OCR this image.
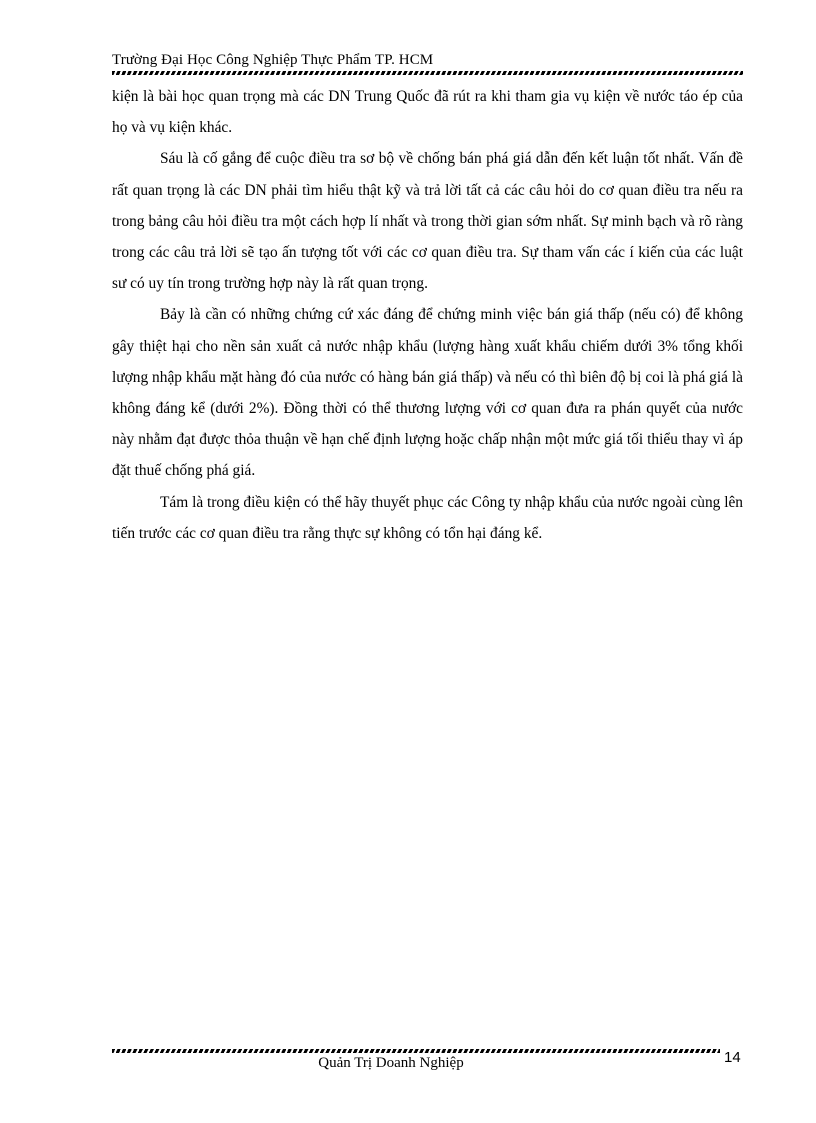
Trường Đại Học Công Nghiệp Thực Phẩm TP. HCM

kiện là bài học quan trọng mà các DN Trung Quốc đã rút ra khi tham gia vụ kiện về nước táo ép của họ và vụ kiện khác.

Sáu là cố gắng để cuộc điều tra sơ bộ về chống bán phá giá dẫn đến kết luận tốt nhất. Vấn đề rất quan trọng là các DN phải tìm hiểu thật kỹ và trả lời tất cả các câu hỏi do cơ quan điều tra nếu ra trong bảng câu hỏi điều tra một cách hợp lí nhất và trong thời gian sớm nhất. Sự minh bạch và rõ ràng trong các câu trả lời sẽ tạo ấn tượng tốt với các cơ quan điều tra. Sự tham vấn các í kiến của các luật sư có uy tín trong trường hợp này là rất quan trọng.

Bảy là cần có những chứng cứ xác đáng để chứng minh việc bán giá thấp (nếu có) để không gây thiệt hại cho nền sản xuất cả nước nhập khẩu (lượng hàng xuất khẩu chiếm dưới 3% tổng khối lượng nhập khẩu mặt hàng đó của nước có hàng bán giá thấp) và nếu có thì biên độ bị coi là phá giá là không đáng kể (dưới 2%). Đồng thời có thể thương lượng với cơ quan đưa ra phán quyết của nước này nhằm đạt được thỏa thuận về hạn chế định lượng hoặc chấp nhận một mức giá tối thiểu thay vì áp đặt thuế chống phá giá.

Tám là trong điều kiện có thể hãy thuyết phục các Công ty nhập khẩu của nước ngoài cùng lên tiến trước các cơ quan điều tra rằng thực sự không có tổn hại đáng kể.

Quản Trị Doanh Nghiệp	14
